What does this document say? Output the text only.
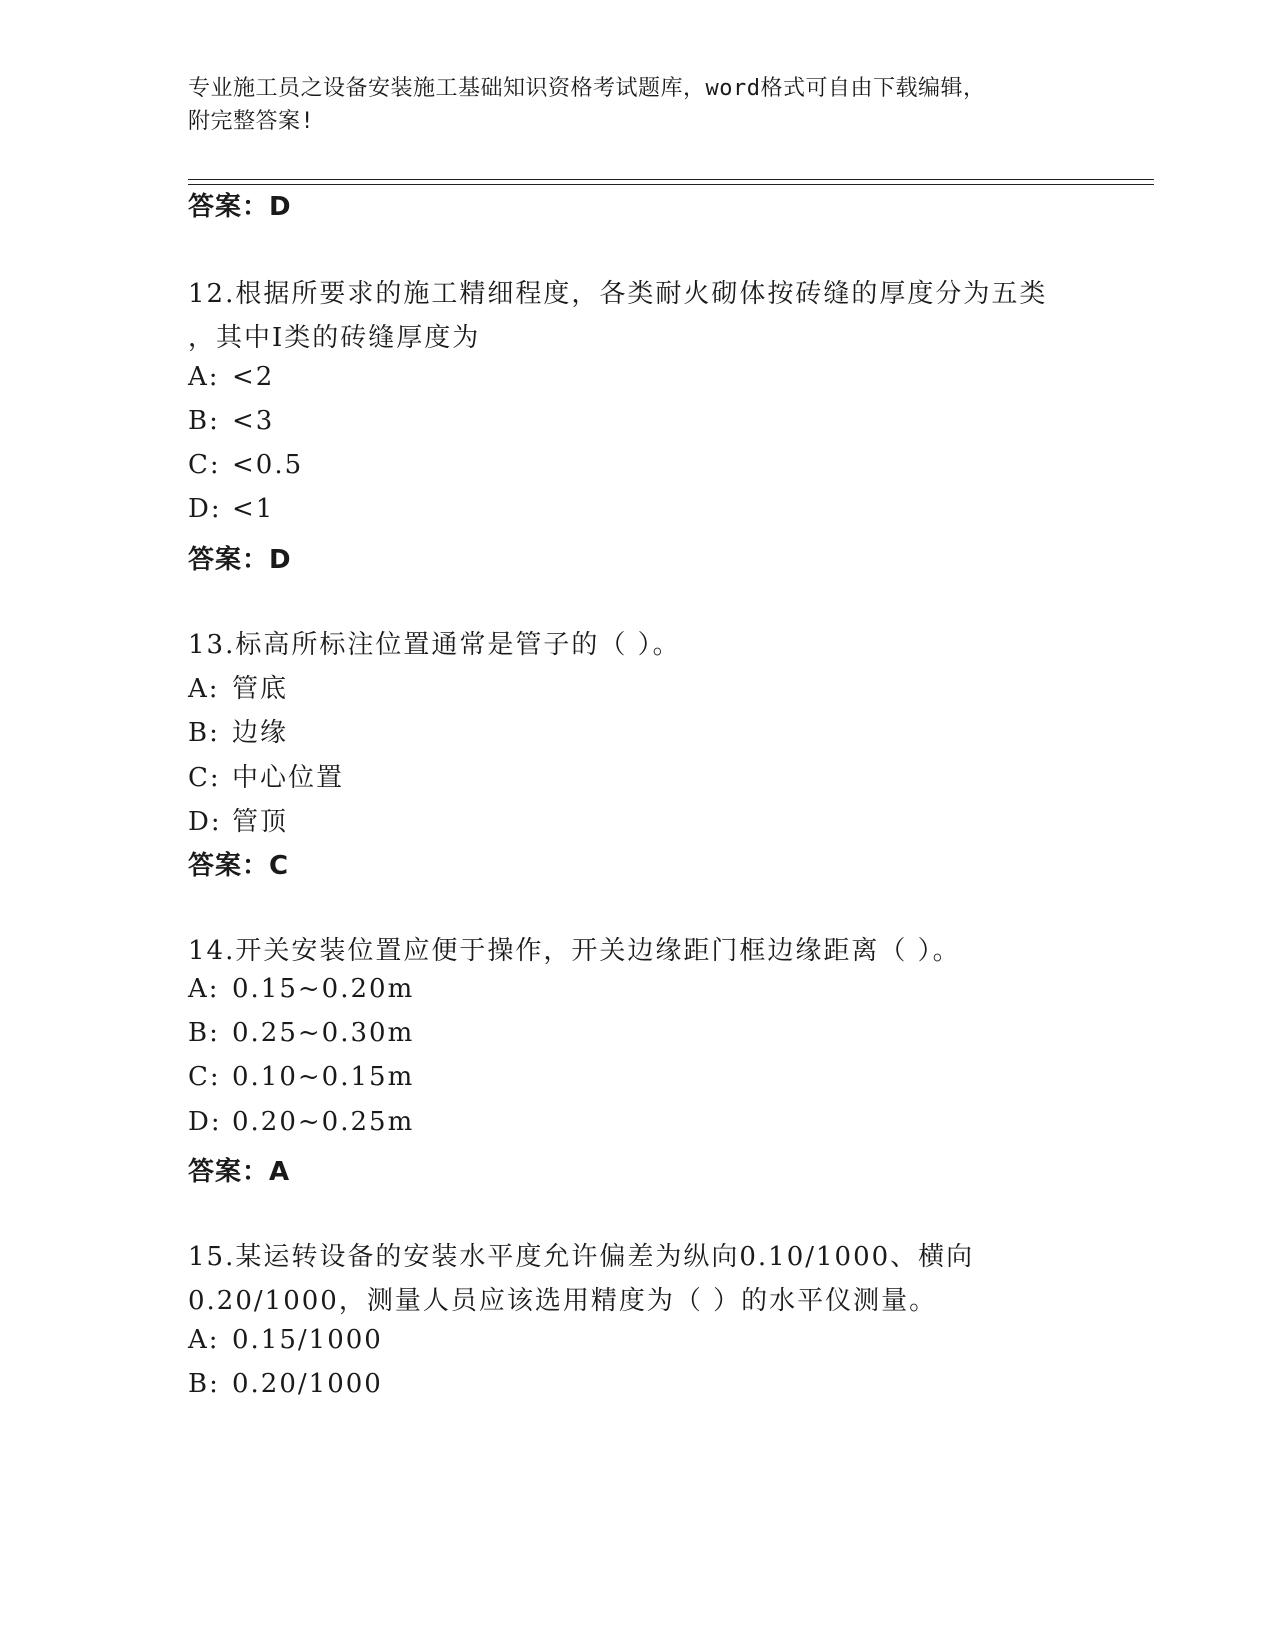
专业施工员之设备安装施工基础知识资格考试题库，word格式可自由下载编辑，
附完整答案!
答案：D
12.根据所要求的施工精细程度，各类耐火砌体按砖缝的厚度分为五类
，其中Ⅰ类的砖缝厚度为
A: <2
B: <3
C: <0.5
D: <1
答案：D
13.标高所标注位置通常是管子的（ ）。
A: 管底
B: 边缘
C: 中心位置
D: 管顶
答案：C
14.开关安装位置应便于操作，开关边缘距门框边缘距离（ ）。
A: 0.15~0.20m
B: 0.25~0.30m
C: 0.10~0.15m
D: 0.20~0.25m
答案：A
15.某运转设备的安装水平度允许偏差为纵向0.10/1000、横向
0.20/1000，测量人员应该选用精度为（ ）的水平仪测量。
A: 0.15/1000
B: 0.20/1000
